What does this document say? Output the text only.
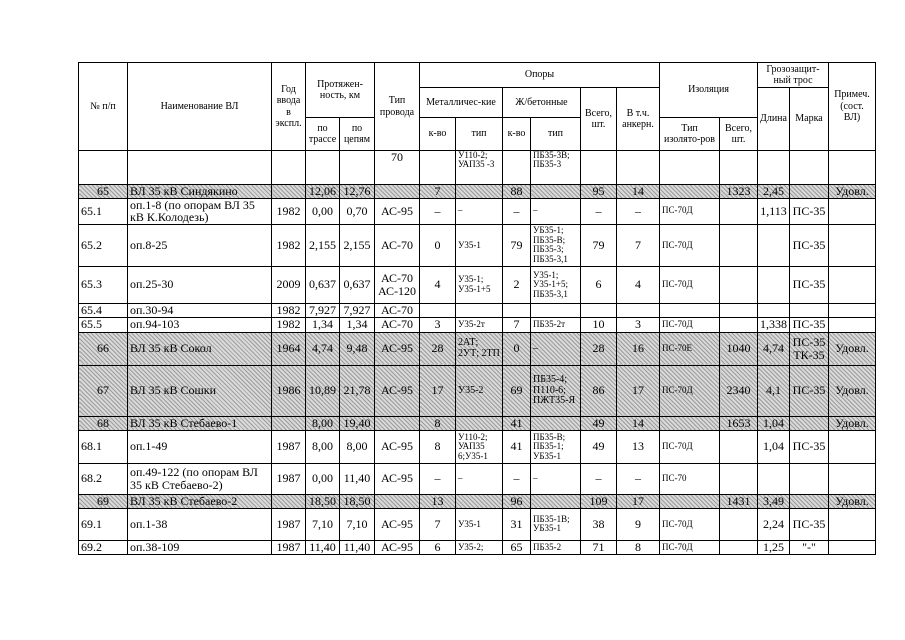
№ п/п	Наименование ВЛ	Год ввода в экспл.	Протяжен-ность, км		Тип провода	Опоры						Изоляция		Грозозащит-ный трос		Примеч. (сост. ВЛ)
						Металличес-кие		Ж/бетонные		Всего, шт.	В т.ч. анкерн.			Длина	Марка	
			по трассе	по цепям		к-во	тип	к-во	тип			Тип изолято-ров	Всего, шт.			
					70		У110-2; УАП35 -3		ПБ35-3В; ПБ35-3							
65	ВЛ 35 кВ Синдякино		12,06	12,76		7		88		95	14		1323	2,45		Удовл.
65.1	оп.1-8 (по опорам ВЛ 35 кВ К.Колодезь)	1982	0,00	0,70	АС-95	–	–	–	–	–	–	ПС-70Д		1,113	ПС-35	
65.2	оп.8-25	1982	2,155	2,155	АС-70	0	У35-1	79	УБ35-1; ПБ35-В; ПБ35-3; ПБ35-3,1	79	7	ПС-70Д			ПС-35	
65.3	оп.25-30	2009	0,637	0,637	АС-70 АС-120	4	У35-1; У35-1+5	2	У35-1; У35-1+5; ПБ35-3,1	6	4	ПС-70Д			ПС-35	
65.4	оп.30-94	1982	7,927	7,927	АС-70											
65.5	оп.94-103	1982	1,34	1,34	АС-70	3	У35-2т	7	ПБ35-2т	10	3	ПС-70Д		1,338	ПС-35	
66	ВЛ 35 кВ Сокол	1964	4,74	9,48	АС-95	28	2АТ; 2УТ; 2ТП	0	–	28	16	ПС-70Е	1040	4,74	ПС-35 ТК-35	Удовл.
67	ВЛ 35 кВ Сошки	1986	10,89	21,78	АС-95	17	У35-2	69	ПБ35-4; П110-6; ПЖТ35-Я	86	17	ПС-70Д	2340	4,1	ПС-35	Удовл.
68	ВЛ 35 кВ Стебаево-1		8,00	19,40		8		41		49	14		1653	1,04		Удовл.
68.1	оп.1-49	1987	8,00	8,00	АС-95	8	У110-2; УАП35 6;У35-1	41	ПБ35-В; ПБ35-1; УБ35-1	49	13	ПС-70Д		1,04	ПС-35	
68.2	оп.49-122 (по опорам ВЛ 35 кВ Стебаево-2)	1987	0,00	11,40	АС-95	–	–	–	–	–	–	ПС-70				
69	ВЛ 35 кВ Стебаево-2		18,50	18,50		13		96		109	17		1431	3,49		Удовл.
69.1	оп.1-38	1987	7,10	7,10	АС-95	7	У35-1	31	ПБ35-1В; УБ35-1	38	9	ПС-70Д		2,24	ПС-35	
69.2	оп.38-109	1987	11,40	11,40	АС-95	6	У35-2;	65	ПБ35-2	71	8	ПС-70Д		1,25	"-"	
